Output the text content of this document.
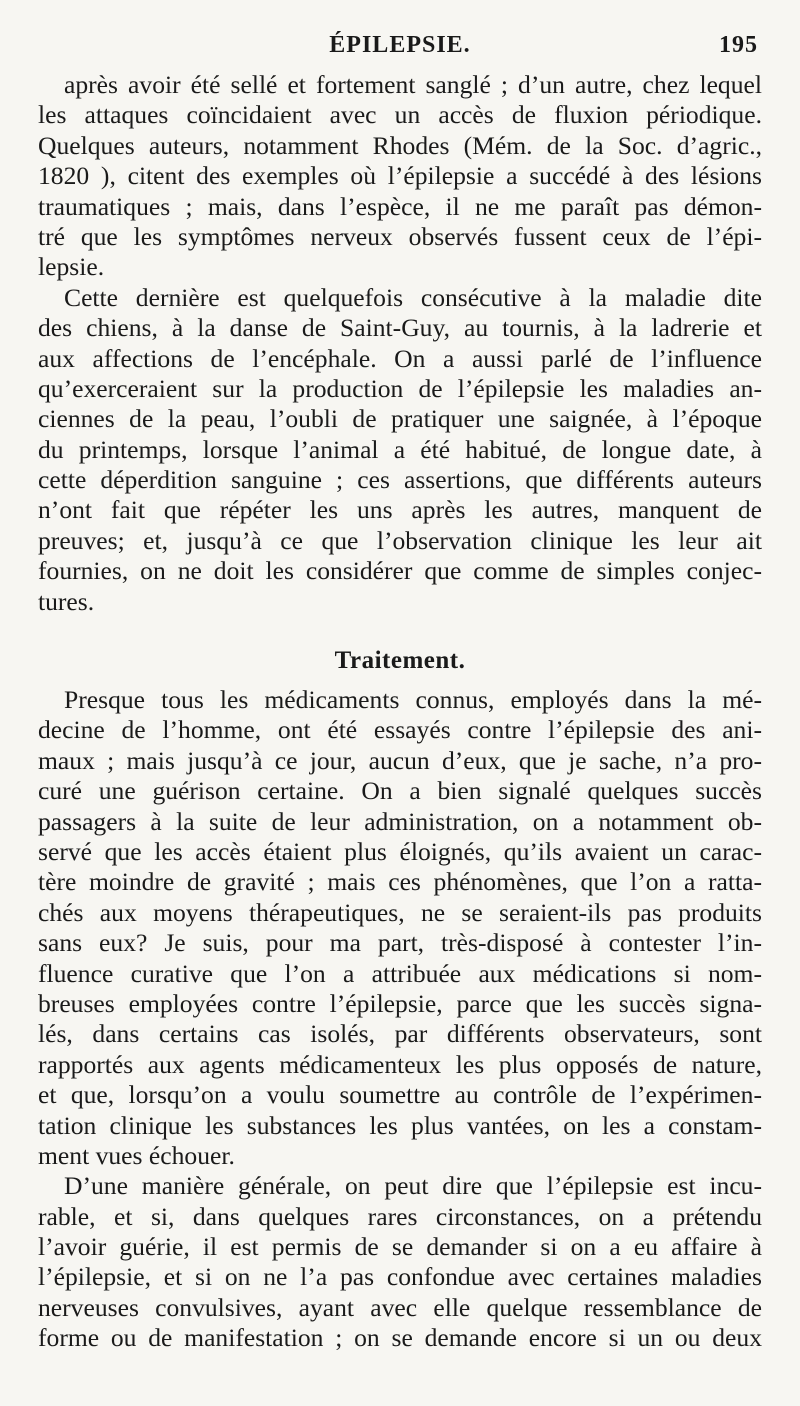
ÉPILEPSIE.	195
après avoir été sellé et fortement sanglé ; d’un autre, chez lequel
les attaques coïncidaient avec un accès de fluxion périodique.
Quelques auteurs, notamment Rhodes (Mém. de la Soc. d’agric.,
1820 ), citent des exemples où l’épilepsie a succédé à des lésions
traumatiques ; mais, dans l’espèce, il ne me paraît pas démon-
tré que les symptômes nerveux observés fussent ceux de l’épi-
lepsie.
Cette dernière est quelquefois consécutive à la maladie dite
des chiens, à la danse de Saint-Guy, au tournis, à la ladrerie et
aux affections de l’encéphale. On a aussi parlé de l’influence
qu’exerceraient sur la production de l’épilepsie les maladies an-
ciennes de la peau, l’oubli de pratiquer une saignée, à l’époque
du printemps, lorsque l’animal a été habitué, de longue date, à
cette déperdition sanguine ; ces assertions, que différents auteurs
n’ont fait que répéter les uns après les autres, manquent de
preuves; et, jusqu’à ce que l’observation clinique les leur ait
fournies, on ne doit les considérer que comme de simples conjec-
tures.
Traitement.
Presque tous les médicaments connus, employés dans la mé-
decine de l’homme, ont été essayés contre l’épilepsie des ani-
maux ; mais jusqu’à ce jour, aucun d’eux, que je sache, n’a pro-
curé une guérison certaine. On a bien signalé quelques succès
passagers à la suite de leur administration, on a notamment ob-
servé que les accès étaient plus éloignés, qu’ils avaient un carac-
tère moindre de gravité ; mais ces phénomènes, que l’on a rattа-
chés aux moyens thérapeutiques, ne se seraient-ils pas produits
sans eux? Je suis, pour ma part, très-disposé à contester l’in-
fluence curative que l’on a attribuée aux médications si nom-
breuses employées contre l’épilepsie, parce que les succès signa-
lés, dans certains cas isolés, par différents observateurs, sont
rapportés aux agents médicamenteux les plus opposés de nature,
et que, lorsqu’on a voulu soumettre au contrôle de l’expérimen-
tation clinique les substances les plus vantées, on les a constam-
ment vues échouer.
D’une manière générale, on peut dire que l’épilepsie est incu-
rable, et si, dans quelques rares circonstances, on a prétendu
l’avoir guérie, il est permis de se demander si on a eu affaire à
l’épilepsie, et si on ne l’a pas confondue avec certaines maladies
nerveuses convulsives, ayant avec elle quelque ressemblance de
forme ou de manifestation ; on se demande encore si un ou deux
